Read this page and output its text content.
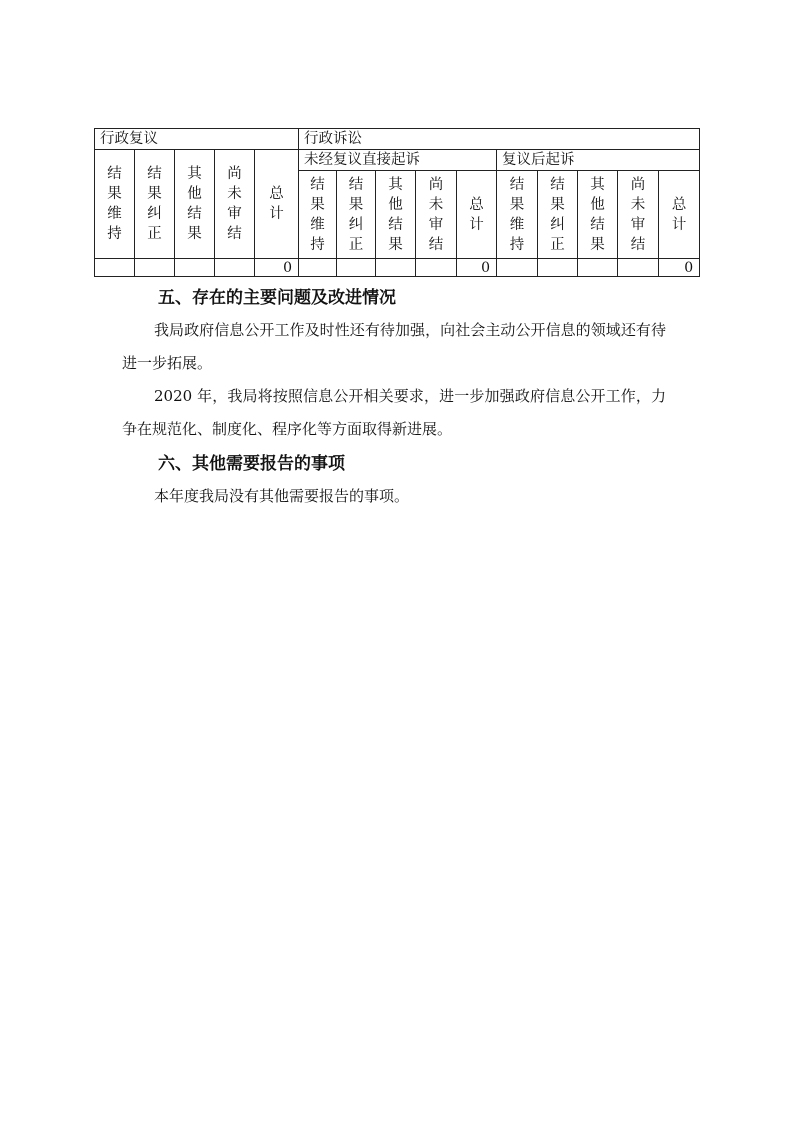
行政复议					行政诉讼									

结果维持	结果纠正	其他结果	尚未审结	总计	未经复议直接起诉					复议后起诉				

					结果维持	结果纠正	其他结果	尚未审结	总计	结果维持	结果纠正	其他结果	尚未审结	总计

				0					0					0
五、存在的主要问题及改进情况

我局政府信息公开工作及时性还有待加强，向社会主动公开信息的领域还有待进一步拓展。

2020 年，我局将按照信息公开相关要求，进一步加强政府信息公开工作，力争在规范化、制度化、程序化等方面取得新进展。

六、其他需要报告的事项

本年度我局没有其他需要报告的事项。
